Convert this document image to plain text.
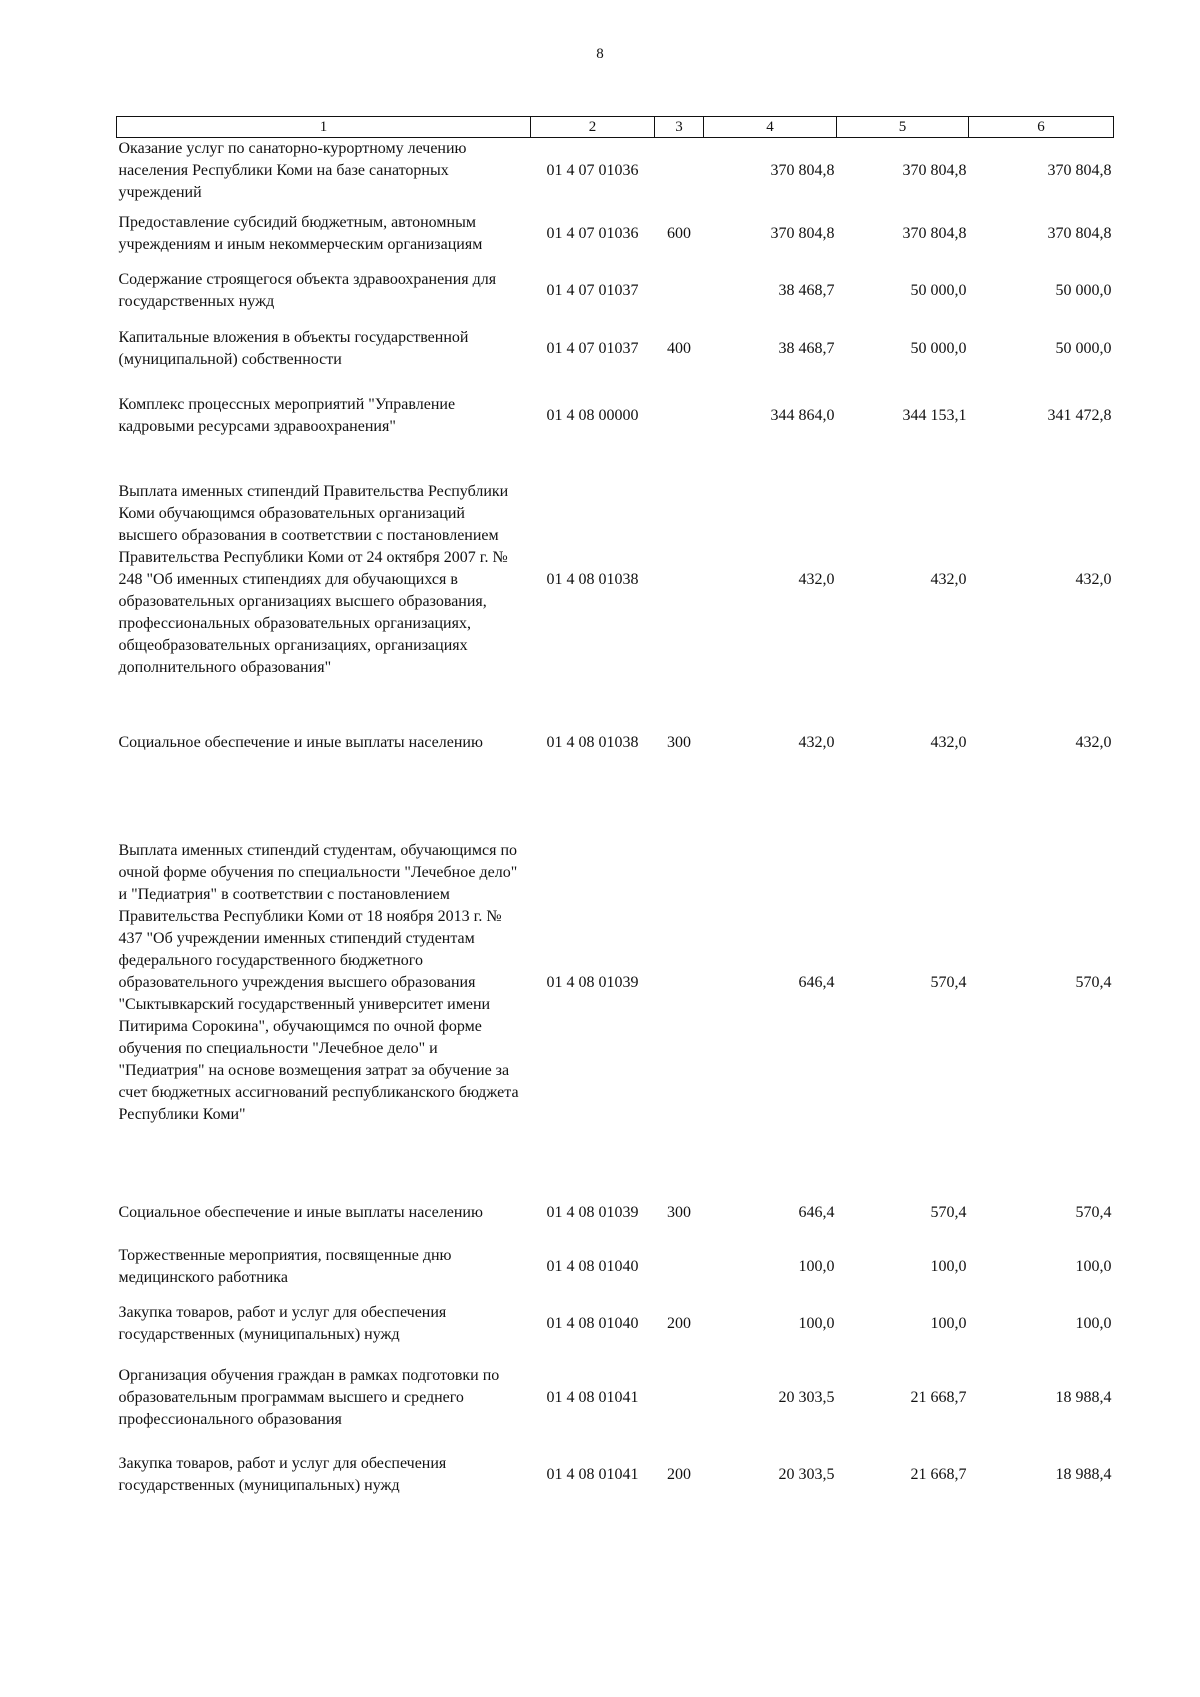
8
1	2	3	4	5	6
Оказание услуг по санаторно-курортному лечению населения Республики Коми на базе санаторных учреждений	01 4 07 01036		370 804,8	370 804,8	370 804,8
Предоставление субсидий бюджетным, автономным учреждениям и иным некоммерческим организациям	01 4 07 01036	600	370 804,8	370 804,8	370 804,8
Содержание строящегося объекта здравоохранения для государственных нужд	01 4 07 01037		38 468,7	50 000,0	50 000,0
Капитальные вложения в объекты государственной (муниципальной) собственности	01 4 07 01037	400	38 468,7	50 000,0	50 000,0
Комплекс процессных мероприятий "Управление кадровыми ресурсами здравоохранения"	01 4 08 00000		344 864,0	344 153,1	341 472,8
Выплата именных стипендий Правительства Республики Коми обучающимся образовательных организаций высшего образования в соответствии с постановлением Правительства Республики Коми от 24 октября 2007 г. № 248 "Об именных стипендиях для обучающихся в образовательных организациях высшего образования, профессиональных образовательных организациях, общеобразовательных организациях, организациях дополнительного образования"	01 4 08 01038		432,0	432,0	432,0
Социальное обеспечение и иные выплаты населению	01 4 08 01038	300	432,0	432,0	432,0
Выплата именных стипендий студентам, обучающимся по очной форме обучения по специальности "Лечебное дело" и "Педиатрия" в соответствии с постановлением Правительства Республики Коми от 18 ноября 2013 г. № 437 "Об учреждении именных стипендий студентам федерального государственного бюджетного образовательного учреждения высшего образования "Сыктывкарский государственный университет имени Питирима Сорокина", обучающимся по очной форме обучения по специальности "Лечебное дело" и "Педиатрия" на основе возмещения затрат за обучение за счет бюджетных ассигнований республиканского бюджета Республики Коми"	01 4 08 01039		646,4	570,4	570,4
Социальное обеспечение и иные выплаты населению	01 4 08 01039	300	646,4	570,4	570,4
Торжественные мероприятия, посвященные дню медицинского работника	01 4 08 01040		100,0	100,0	100,0
Закупка товаров, работ и услуг для обеспечения государственных (муниципальных) нужд	01 4 08 01040	200	100,0	100,0	100,0
Организация обучения граждан в рамках подготовки по образовательным программам высшего и среднего профессионального образования	01 4 08 01041		20 303,5	21 668,7	18 988,4
Закупка товаров, работ и услуг для обеспечения государственных (муниципальных) нужд	01 4 08 01041	200	20 303,5	21 668,7	18 988,4
